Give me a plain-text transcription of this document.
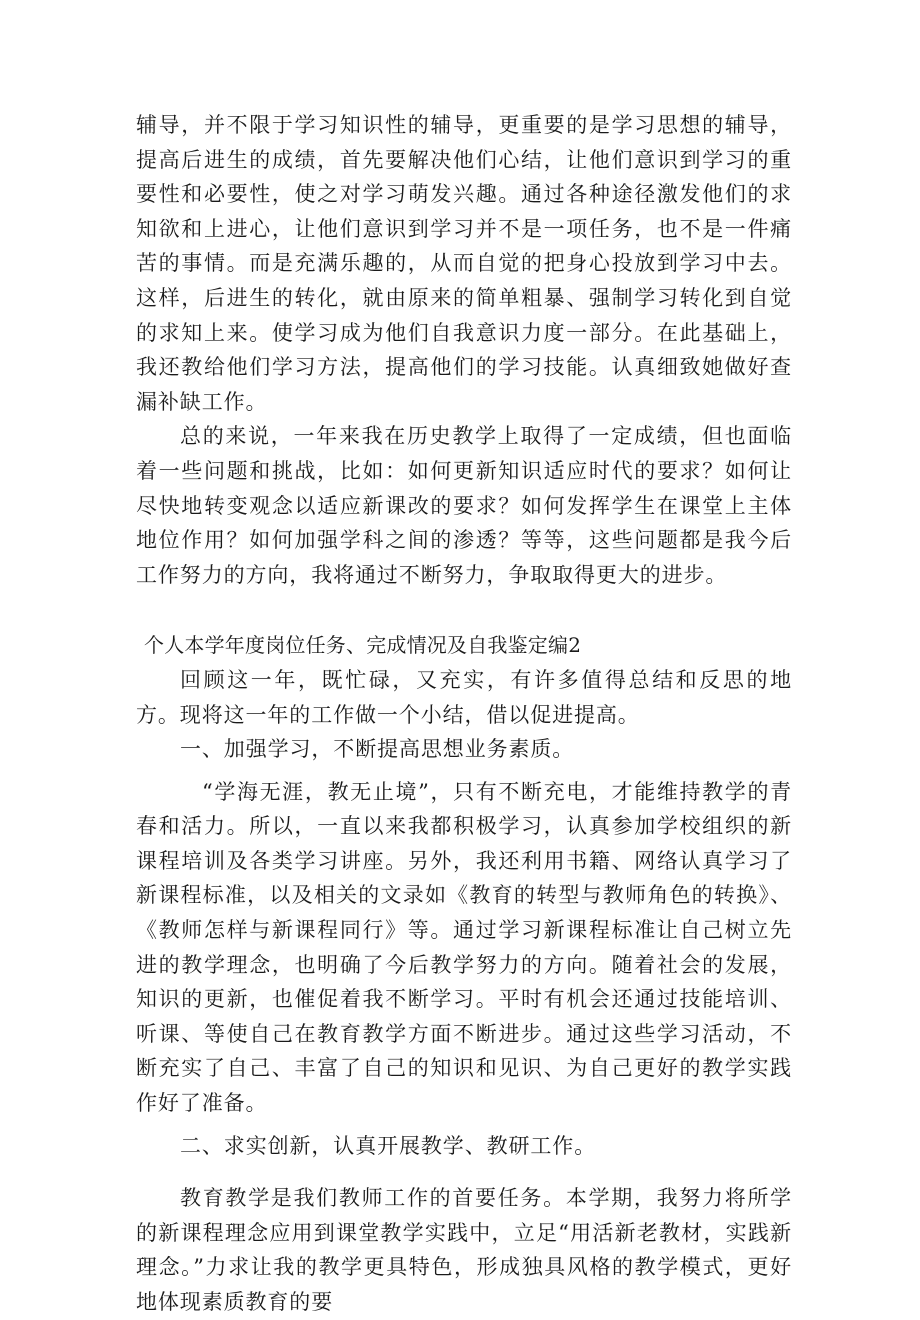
辅导，并不限于学习知识性的辅导，更重要的是学习思想的辅导，提高后进生的成绩，首先要解决他们心结，让他们意识到学习的重要性和必要性，使之对学习萌发兴趣。通过各种途径激发他们的求知欲和上进心，让他们意识到学习并不是一项任务，也不是一件痛苦的事情。而是充满乐趣的，从而自觉的把身心投放到学习中去。这样，后进生的转化，就由原来的简单粗暴、强制学习转化到自觉的求知上来。使学习成为他们自我意识力度一部分。在此基础上，我还教给他们学习方法，提高他们的学习技能。认真细致她做好查漏补缺工作。

总的来说，一年来我在历史教学上取得了一定成绩，但也面临着一些问题和挑战，比如：如何更新知识适应时代的要求？如何让尽快地转变观念以适应新课改的要求？如何发挥学生在课堂上主体地位作用？如何加强学科之间的渗透？等等，这些问题都是我今后工作努力的方向，我将通过不断努力，争取取得更大的进步。

个人本学年度岗位任务、完成情况及自我鉴定编2

回顾这一年，既忙碌，又充实，有许多值得总结和反思的地方。现将这一年的工作做一个小结，借以促进提高。

一、加强学习，不断提高思想业务素质。

“学海无涯，教无止境”，只有不断充电，才能维持教学的青春和活力。所以，一直以来我都积极学习，认真参加学校组织的新课程培训及各类学习讲座。另外，我还利用书籍、网络认真学习了新课程标准，以及相关的文录如《教育的转型与教师角色的转换》、《教师怎样与新课程同行》等。通过学习新课程标准让自己树立先进的教学理念，也明确了今后教学努力的方向。随着社会的发展，知识的更新，也催促着我不断学习。平时有机会还通过技能培训、听课、等使自己在教育教学方面不断进步。通过这些学习活动，不断充实了自己、丰富了自己的知识和见识、为自己更好的教学实践作好了准备。

二、求实创新，认真开展教学、教研工作。

教育教学是我们教师工作的首要任务。本学期，我努力将所学的新课程理念应用到课堂教学实践中，立足“用活新老教材，实践新理念。”力求让我的教学更具特色，形成独具风格的教学模式，更好地体现素质教育的要
